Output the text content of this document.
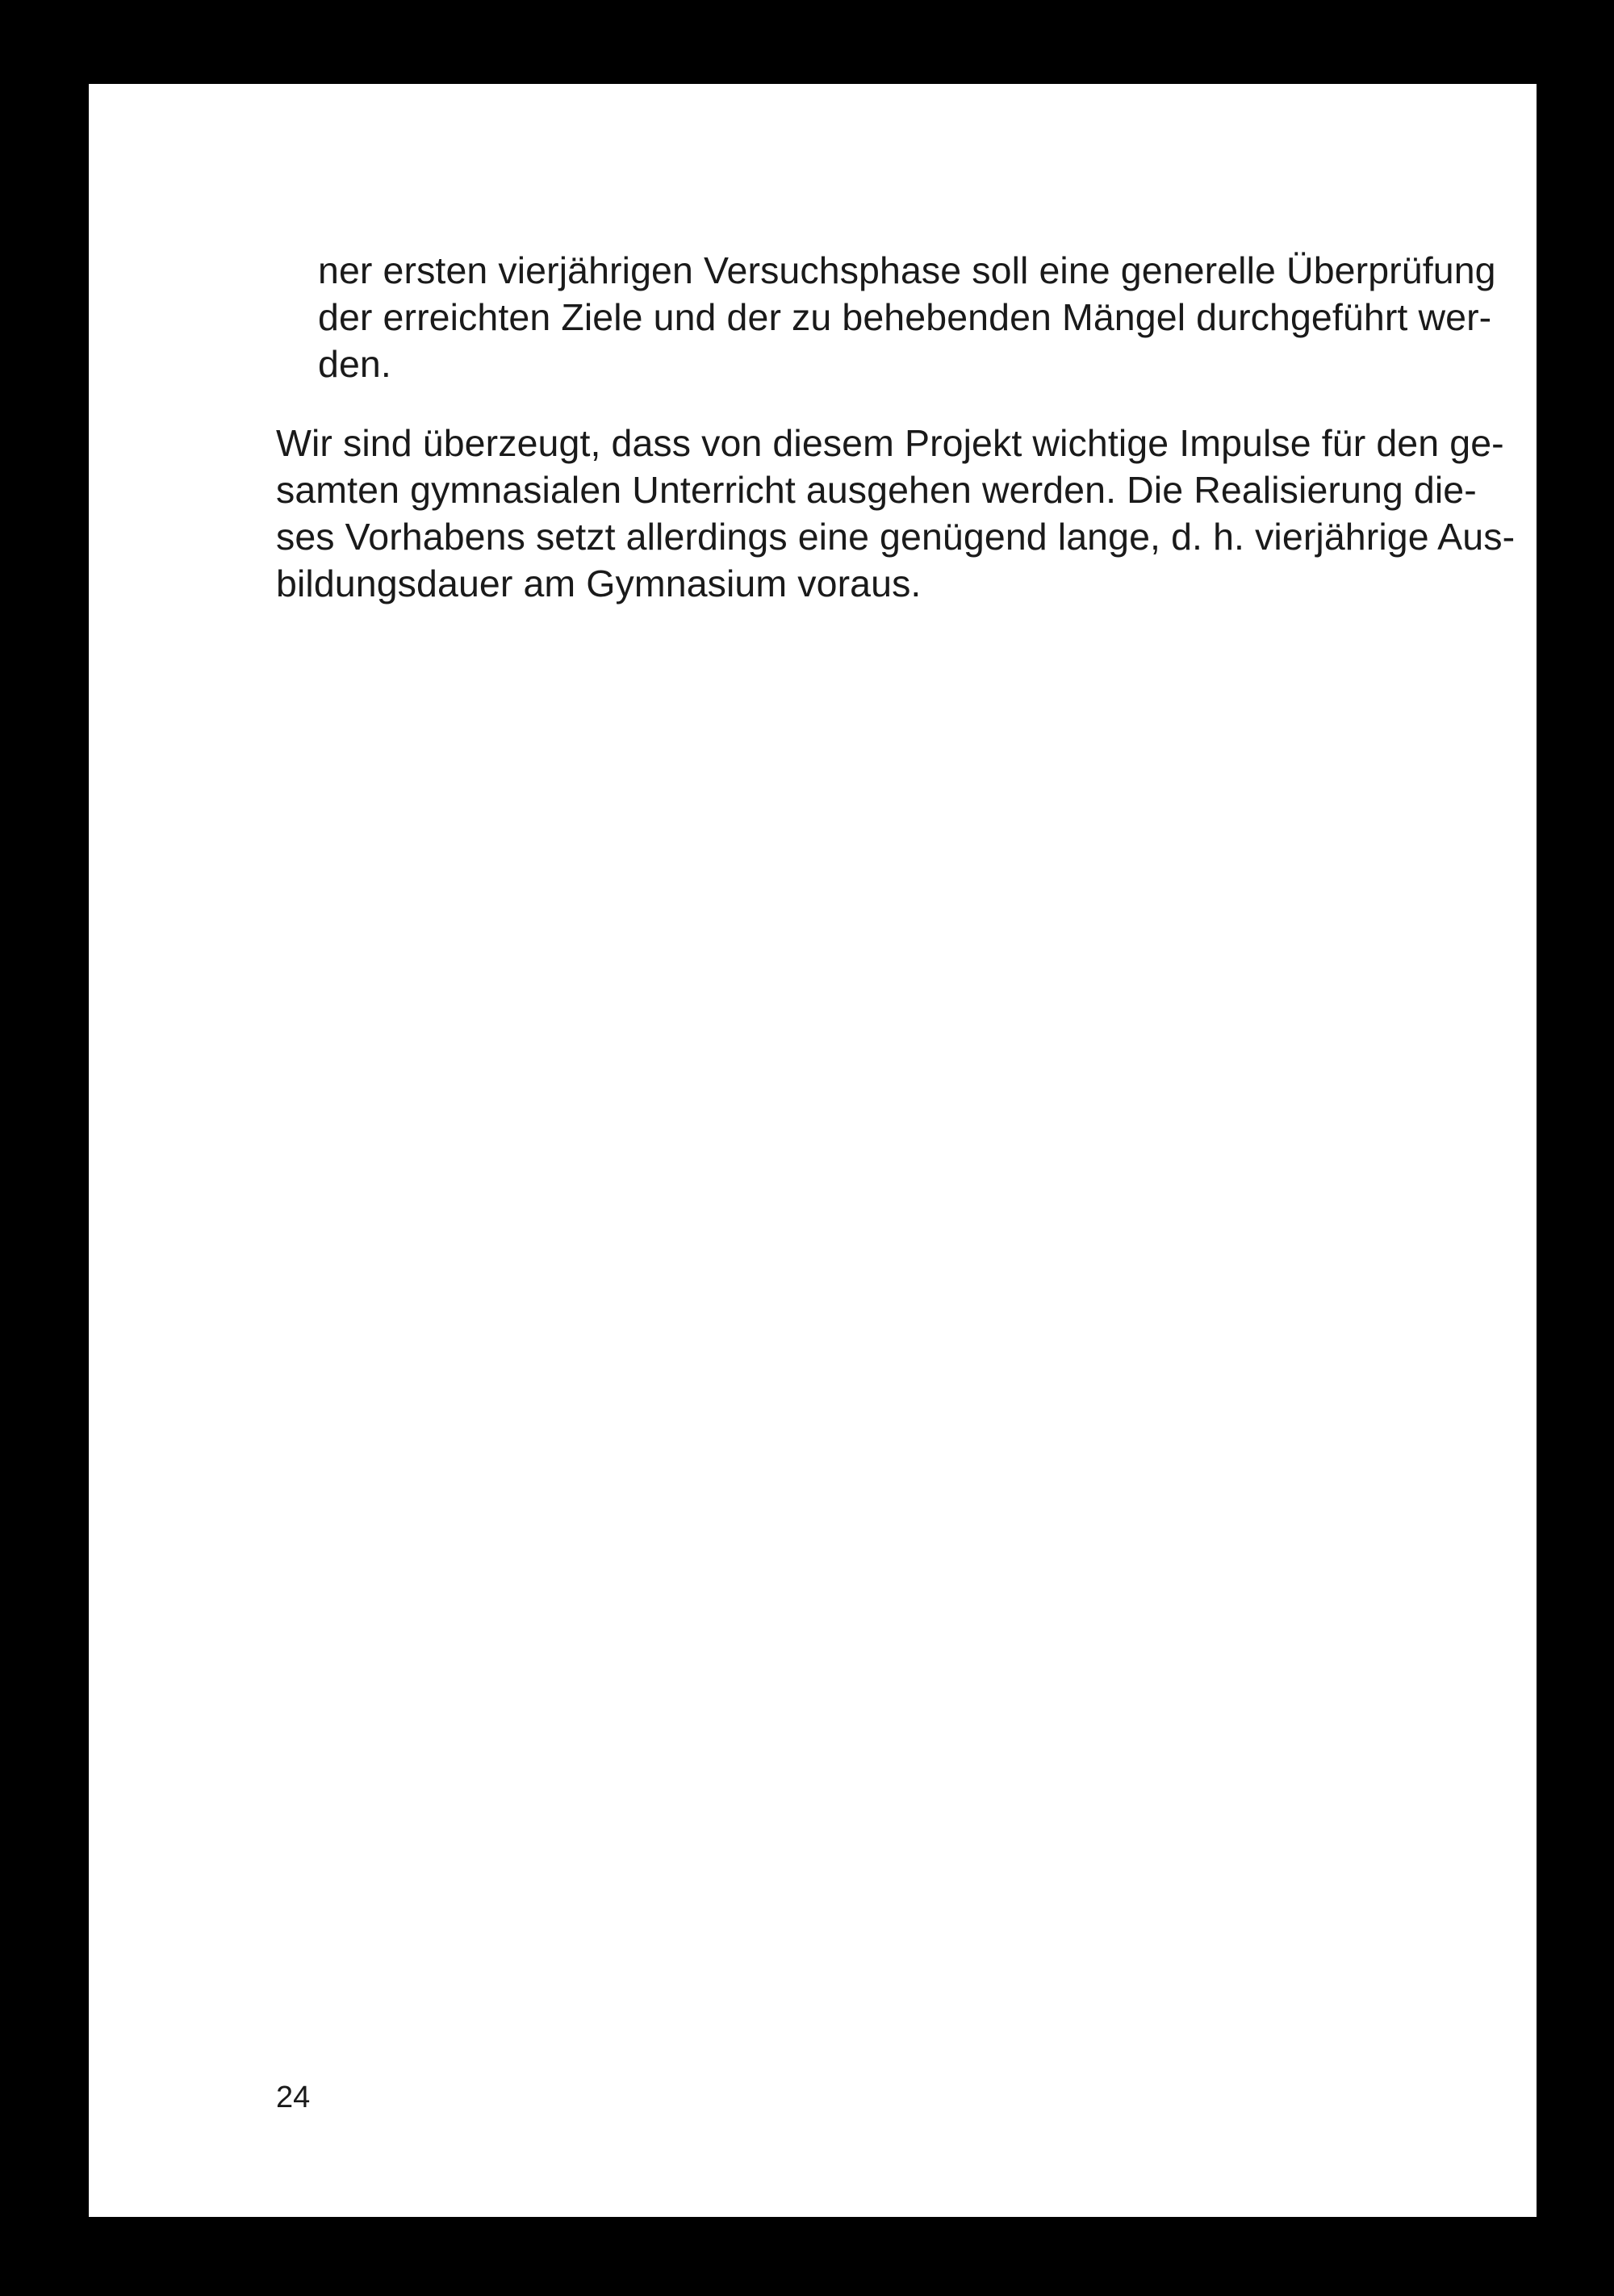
ner ersten vierjährigen Versuchsphase soll eine generelle Überprüfung
der erreichten Ziele und der zu behebenden Mängel durchgeführt wer-
den.
Wir sind überzeugt, dass von diesem Projekt wichtige Impulse für den ge-
samten gymnasialen Unterricht ausgehen werden. Die Realisierung die-
ses Vorhabens setzt allerdings eine genügend lange, d. h. vierjährige Aus-
bildungsdauer am Gymnasium voraus.
24
